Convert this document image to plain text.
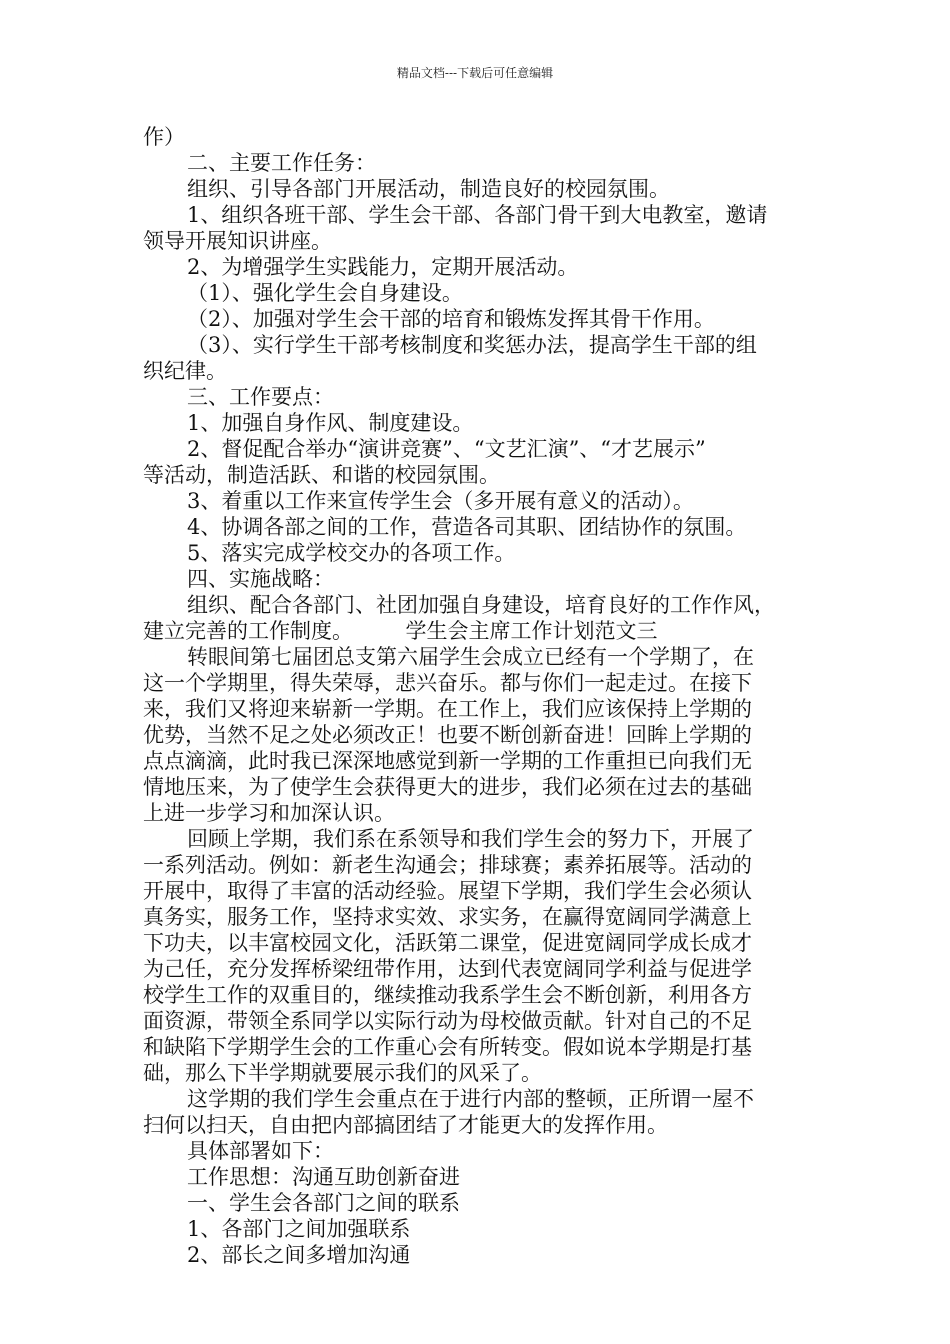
精品文档---下载后可任意编辑

作）

二、主要工作任务：

组织、引导各部门开展活动，制造良好的校园氛围。

1、组织各班干部、学生会干部、各部门骨干到大电教室，邀请

领导开展知识讲座。

2、为增强学生实践能力，定期开展活动。

（1）、强化学生会自身建设。

（2）、加强对学生会干部的培育和锻炼发挥其骨干作用。

（3）、实行学生干部考核制度和奖惩办法，提高学生干部的组

织纪律。

三、工作要点：

1、加强自身作风、制度建设。

2、督促配合举办“演讲竞赛”、“文艺汇演”、“才艺展示”

等活动，制造活跃、和谐的校园氛围。

3、着重以工作来宣传学生会（多开展有意义的活动）。

4、协调各部之间的工作，营造各司其职、团结协作的氛围。

5、落实完成学校交办的各项工作。

四、实施战略：

组织、配合各部门、社团加强自身建设，培育良好的工作作风，

建立完善的工作制度。　　　学生会主席工作计划范文三

转眼间第七届团总支第六届学生会成立已经有一个学期了，在

这一个学期里，得失荣辱，悲兴奋乐。都与你们一起走过。在接下

来，我们又将迎来崭新一学期。在工作上，我们应该保持上学期的

优势，当然不足之处必须改正！也要不断创新奋进！回眸上学期的

点点滴滴，此时我已深深地感觉到新一学期的工作重担已向我们无

情地压来，为了使学生会获得更大的进步，我们必须在过去的基础

上进一步学习和加深认识。

回顾上学期，我们系在系领导和我们学生会的努力下，开展了

一系列活动。例如：新老生沟通会；排球赛；素养拓展等。活动的

开展中，取得了丰富的活动经验。展望下学期，我们学生会必须认

真务实，服务工作，坚持求实效、求实务，在赢得宽阔同学满意上

下功夫，以丰富校园文化，活跃第二课堂，促进宽阔同学成长成才

为己任，充分发挥桥梁纽带作用，达到代表宽阔同学利益与促进学

校学生工作的双重目的，继续推动我系学生会不断创新，利用各方

面资源，带领全系同学以实际行动为母校做贡献。针对自己的不足

和缺陷下学期学生会的工作重心会有所转变。假如说本学期是打基

础，那么下半学期就要展示我们的风采了。

这学期的我们学生会重点在于进行内部的整顿，正所谓一屋不

扫何以扫天，自由把内部搞团结了才能更大的发挥作用。

具体部署如下：

工作思想：沟通互助创新奋进

一、学生会各部门之间的联系

1、各部门之间加强联系

2、部长之间多增加沟通
